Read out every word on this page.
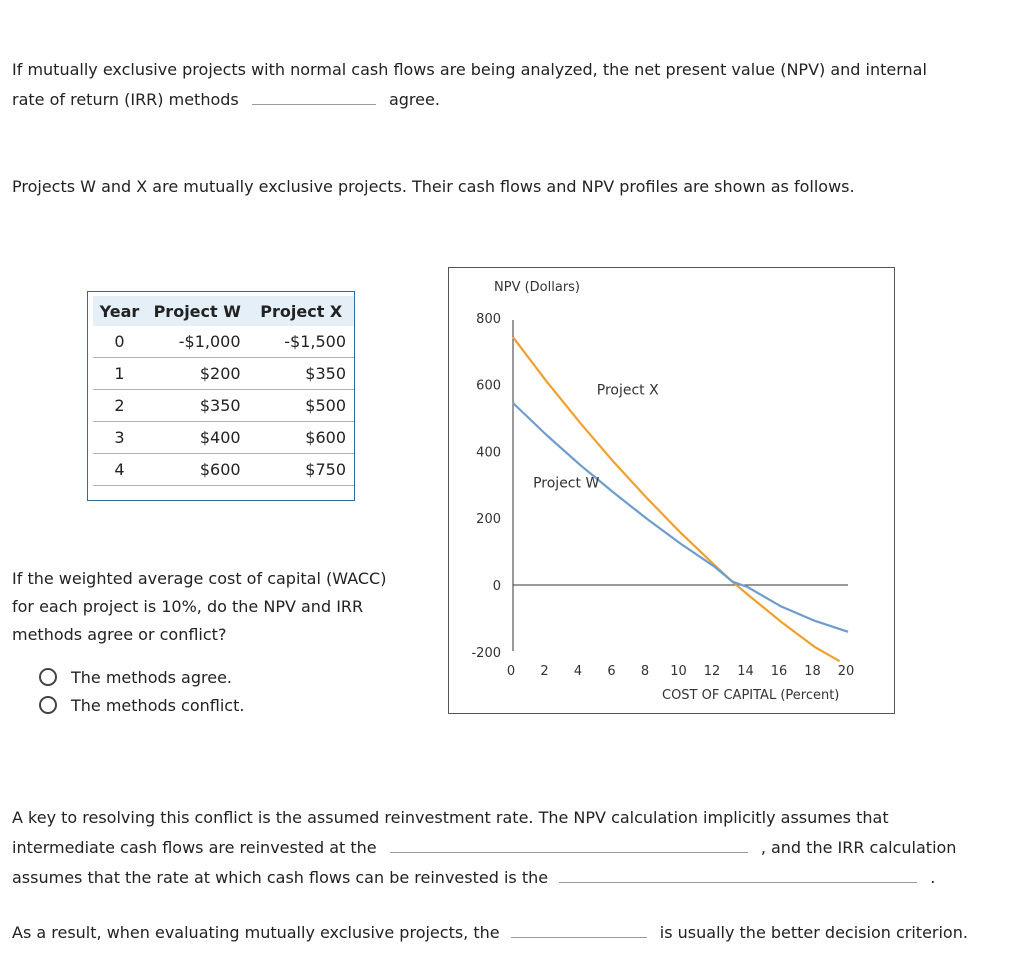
If mutually exclusive projects with normal cash flows are being analyzed, the net present value (NPV) and internal
rate of return (IRR) methods	agree.
Projects W and X are mutually exclusive projects. Their cash flows and NPV profiles are shown as follows.
Year	Project W	Project X
0	-$1,000	-$1,500
1	$200	$350
2	$350	$500
3	$400	$600
4	$600	$750
If the weighted average cost of capital (WACC)
for each project is 10%, do the NPV and IRR
methods agree or conflict?
The methods agree.
The methods conflict.
NPV (Dollars)
COST OF CAPITAL (Percent)
800
600
400
200
0
-200
0 2 4 6 8 10 12 14 16 18 20
Project X
Project W
A key to resolving this conflict is the assumed reinvestment rate. The NPV calculation implicitly assumes that
intermediate cash flows are reinvested at the	, and the IRR calculation
assumes that the rate at which cash flows can be reinvested is the	.
As a result, when evaluating mutually exclusive projects, the	is usually the better decision criterion.
